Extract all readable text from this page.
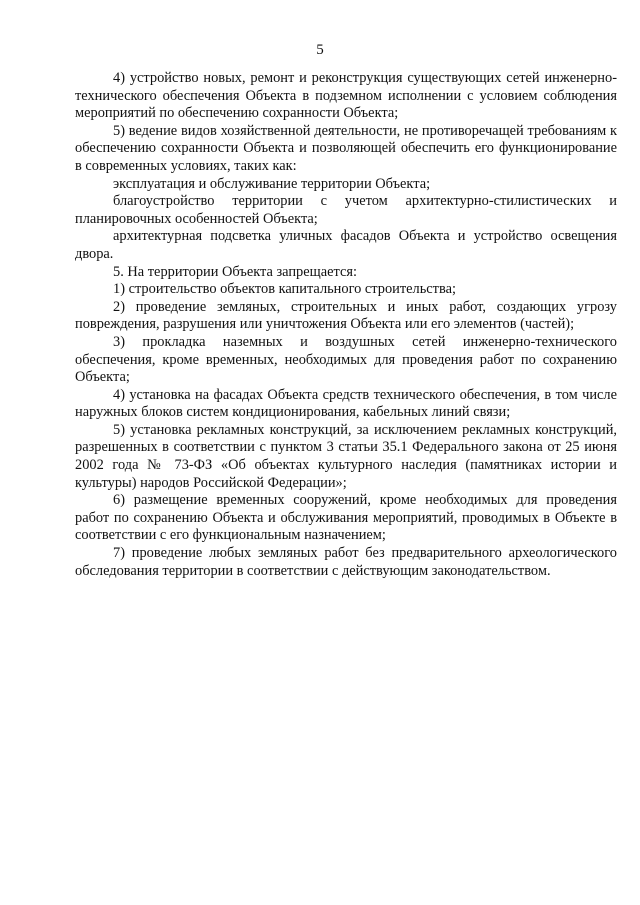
5

4) устройство новых, ремонт и реконструкция существующих сетей инженерно-технического обеспечения Объекта в подземном исполнении с условием соблюдения мероприятий по обеспечению сохранности Объекта;

5) ведение видов хозяйственной деятельности, не противоречащей требованиям к обеспечению сохранности Объекта и позволяющей обеспечить его функционирование в современных условиях, таких как:

эксплуатация и обслуживание территории Объекта;

благоустройство территории с учетом архитектурно-стилистических и планировочных особенностей Объекта;

архитектурная подсветка уличных фасадов Объекта и устройство освещения двора.

5. На территории Объекта запрещается:

1) строительство объектов капитального строительства;

2) проведение земляных, строительных и иных работ, создающих угрозу повреждения, разрушения или уничтожения Объекта или его элементов (частей);

3) прокладка наземных и воздушных сетей инженерно-технического обеспечения, кроме временных, необходимых для проведения работ по сохранению Объекта;

4) установка на фасадах Объекта средств технического обеспечения, в том числе наружных блоков систем кондиционирования, кабельных линий связи;

5) установка рекламных конструкций, за исключением рекламных конструкций, разрешенных в соответствии с пунктом 3 статьи 35.1 Федерального закона от 25 июня 2002 года № 73-ФЗ «Об объектах культурного наследия (памятниках истории и культуры) народов Российской Федерации»;

6) размещение временных сооружений, кроме необходимых для проведения работ по сохранению Объекта и обслуживания мероприятий, проводимых в Объекте в соответствии с его функциональным назначением;

7) проведение любых земляных работ без предварительного археологического обследования территории в соответствии с действующим законодательством.
